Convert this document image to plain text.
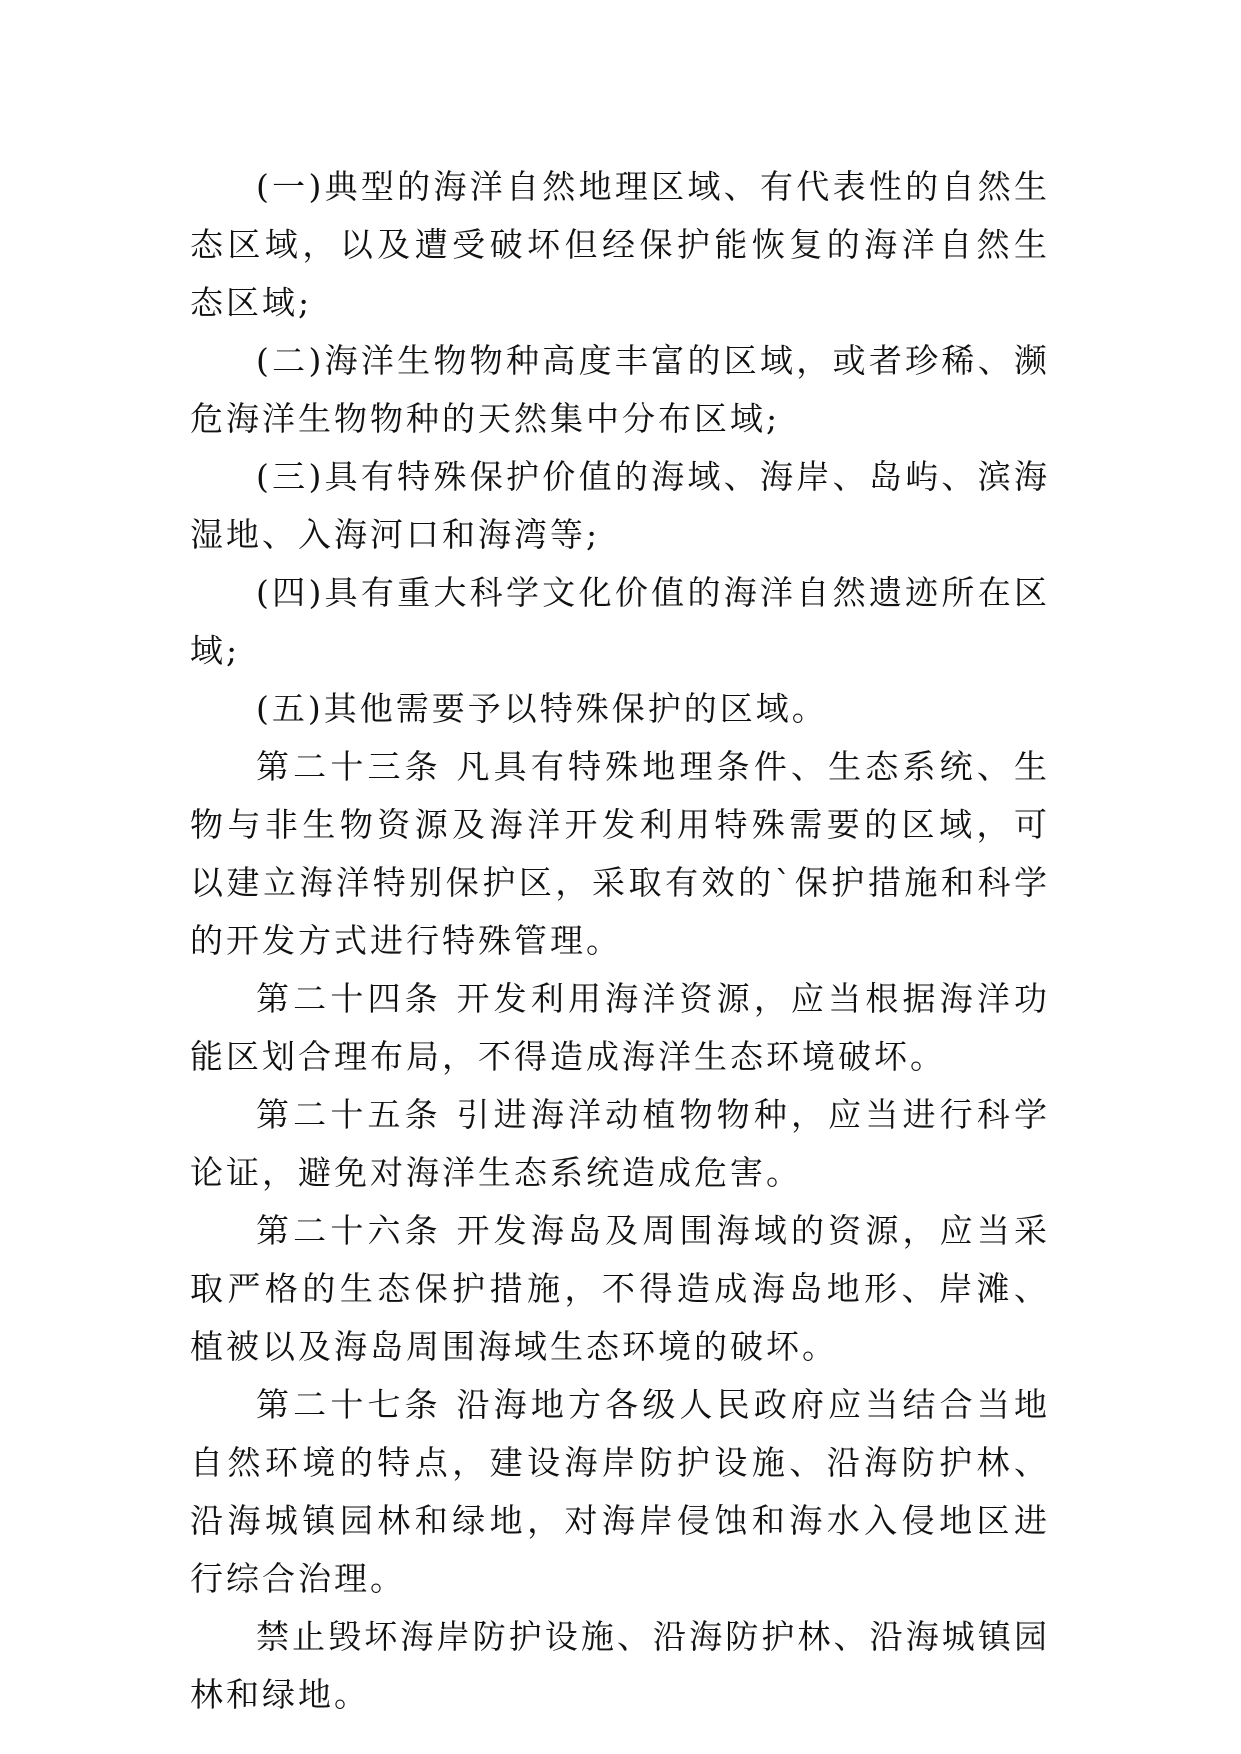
(一)典型的海洋自然地理区域、有代表性的自然生态区域，以及遭受破坏但经保护能恢复的海洋自然生态区域;

(二)海洋生物物种高度丰富的区域，或者珍稀、濒危海洋生物物种的天然集中分布区域;

(三)具有特殊保护价值的海域、海岸、岛屿、滨海湿地、入海河口和海湾等;

(四)具有重大科学文化价值的海洋自然遗迹所在区域;

(五)其他需要予以特殊保护的区域。

第二十三条 凡具有特殊地理条件、生态系统、生物与非生物资源及海洋开发利用特殊需要的区域，可以建立海洋特别保护区，采取有效的`保护措施和科学的开发方式进行特殊管理。

第二十四条 开发利用海洋资源，应当根据海洋功能区划合理布局，不得造成海洋生态环境破坏。

第二十五条 引进海洋动植物物种，应当进行科学论证，避免对海洋生态系统造成危害。

第二十六条 开发海岛及周围海域的资源，应当采取严格的生态保护措施，不得造成海岛地形、岸滩、植被以及海岛周围海域生态环境的破坏。

第二十七条 沿海地方各级人民政府应当结合当地自然环境的特点，建设海岸防护设施、沿海防护林、沿海城镇园林和绿地，对海岸侵蚀和海水入侵地区进行综合治理。

禁止毁坏海岸防护设施、沿海防护林、沿海城镇园林和绿地。
